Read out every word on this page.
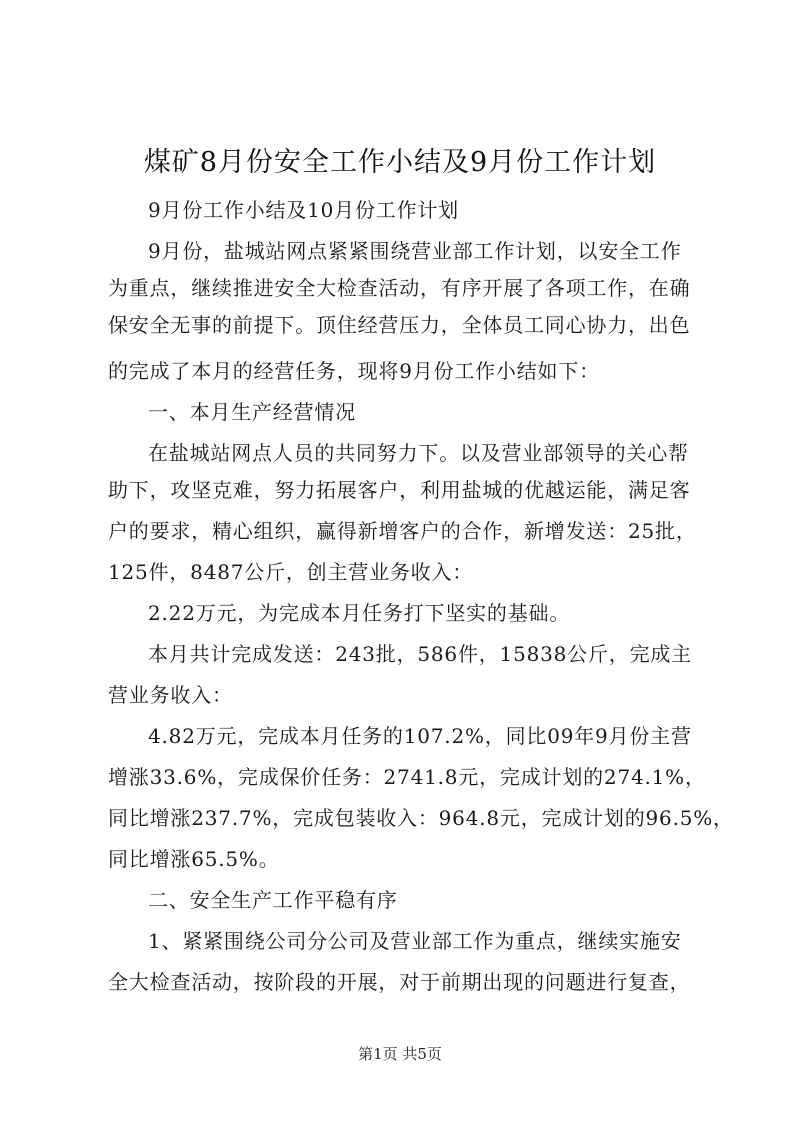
煤矿8月份安全工作小结及9月份工作计划
9月份工作小结及10月份工作计划
9月份，盐城站网点紧紧围绕营业部工作计划，以安全工作
为重点，继续推进安全大检查活动，有序开展了各项工作，在确
保安全无事的前提下。顶住经营压力，全体员工同心协力，出色
的完成了本月的经营任务，现将9月份工作小结如下：
一、本月生产经营情况
在盐城站网点人员的共同努力下。以及营业部领导的关心帮
助下，攻坚克难，努力拓展客户，利用盐城的优越运能，满足客
户的要求，精心组织，赢得新增客户的合作，新增发送：25批，
125件，8487公斤，创主营业务收入：
2.22万元，为完成本月任务打下坚实的基础。
本月共计完成发送：243批，586件，15838公斤，完成主
营业务收入：
4.82万元，完成本月任务的107.2%，同比09年9月份主营
增涨33.6%，完成保价任务：2741.8元，完成计划的274.1%，
同比增涨237.7%，完成包装收入：964.8元，完成计划的96.5%，
同比增涨65.5%。
二、安全生产工作平稳有序
1、紧紧围绕公司分公司及营业部工作为重点，继续实施安
全大检查活动，按阶段的开展，对于前期出现的问题进行复查，
第1页 共5页
